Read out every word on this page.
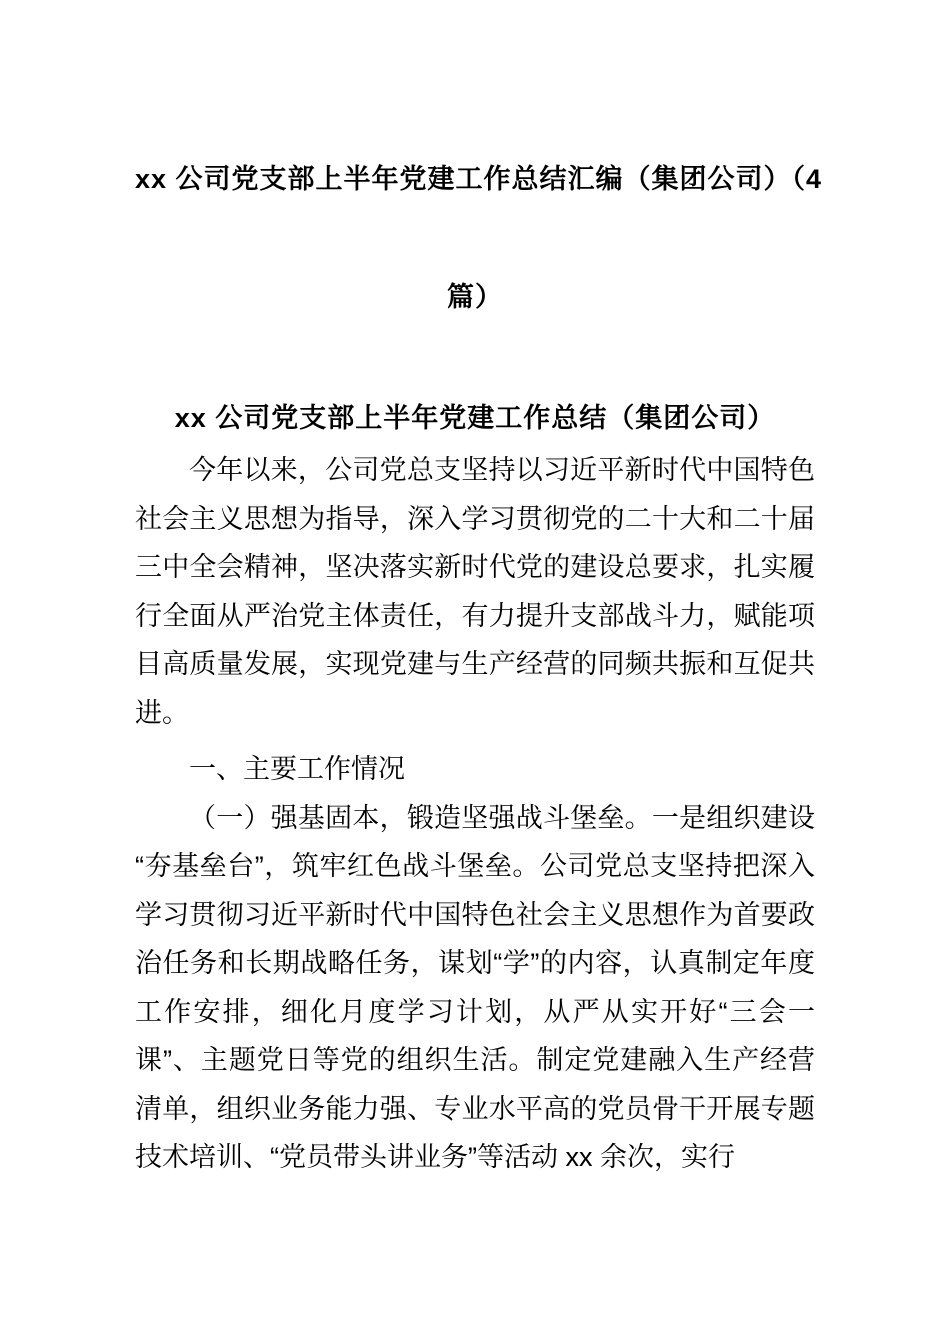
xx 公司党支部上半年党建工作总结汇编（集团公司）（4
篇）
xx 公司党支部上半年党建工作总结（集团公司）

今年以来，公司党总支坚持以习近平新时代中国特色社会主义思想为指导，深入学习贯彻党的二十大和二十届三中全会精神，坚决落实新时代党的建设总要求，扎实履行全面从严治党主体责任，有力提升支部战斗力，赋能项目高质量发展，实现党建与生产经营的同频共振和互促共进。

一、主要工作情况

（一）强基固本，锻造坚强战斗堡垒。一是组织建设“夯基垒台”，筑牢红色战斗堡垒。公司党总支坚持把深入学习贯彻习近平新时代中国特色社会主义思想作为首要政治任务和长期战略任务，谋划“学”的内容，认真制定年度工作安排，细化月度学习计划，从严从实开好“三会一课”、主题党日等党的组织生活。制定党建融入生产经营清单，组织业务能力强、专业水平高的党员骨干开展专题技术培训、“党员带头讲业务”等活动 xx 余次，实行
